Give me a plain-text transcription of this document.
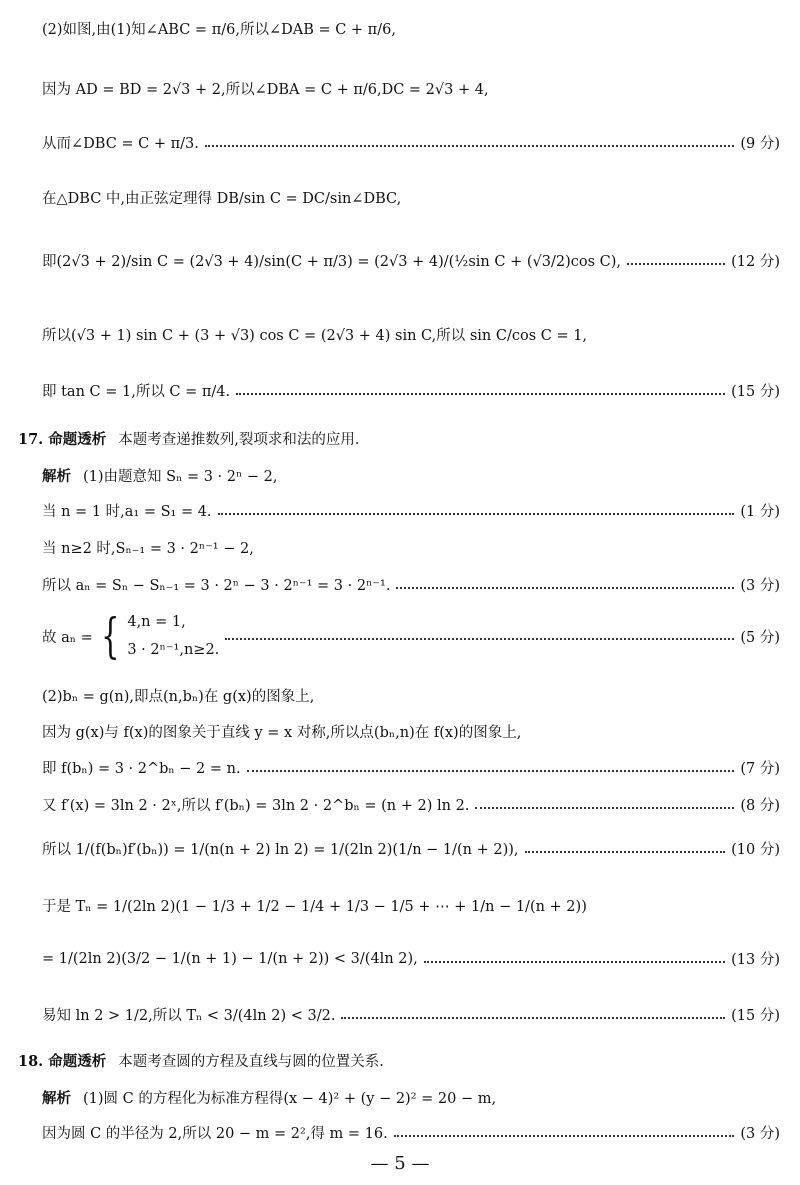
(2)如图,由(1)知∠ABC = π/6,所以∠DAB = C + π/6,
因为 AD = BD = 2√3 + 2,所以∠DBA = C + π/6,DC = 2√3 + 4,
从而∠DBC = C + π/3.	(9 分)
在△DBC 中,由正弦定理得 DB/sin C = DC/sin∠DBC,
即(2√3 + 2)/sin C = (2√3 + 4)/sin(C + π/3) = (2√3 + 4)/(½sin C + (√3/2)cos C),	(12 分)
所以(√3 + 1) sin C + (3 + √3) cos C = (2√3 + 4) sin C,所以 sin C/cos C = 1,
即 tan C = 1,所以 C = π/4.	(15 分)
17. 命题透析 本题考查递推数列,裂项求和法的应用.
解析 (1)由题意知 Sₙ = 3 · 2ⁿ − 2,
当 n = 1 时,a₁ = S₁ = 4.	(1 分)
当 n≥2 时,Sₙ₋₁ = 3 · 2ⁿ⁻¹ − 2,
所以 aₙ = Sₙ − Sₙ₋₁ = 3 · 2ⁿ − 3 · 2ⁿ⁻¹ = 3 · 2ⁿ⁻¹.	(3 分)
故 aₙ = { 4,n = 1,
3 · 2ⁿ⁻¹,n≥2.
(5 分)
(2)bₙ = g(n),即点(n,bₙ)在 g(x)的图象上,
因为 g(x)与 f(x)的图象关于直线 y = x 对称,所以点(bₙ,n)在 f(x)的图象上,
即 f(bₙ) = 3 · 2^bₙ − 2 = n.	(7 分)
又 f′(x) = 3ln 2 · 2ˣ,所以 f′(bₙ) = 3ln 2 · 2^bₙ = (n + 2) ln 2.	(8 分)
所以 1/(f(bₙ)f′(bₙ)) = 1/(n(n + 2) ln 2) = 1/(2ln 2)(1/n − 1/(n + 2)),	(10 分)
于是 Tₙ = 1/(2ln 2)(1 − 1/3 + 1/2 − 1/4 + 1/3 − 1/5 + ⋯ + 1/n − 1/(n + 2))
= 1/(2ln 2)(3/2 − 1/(n + 1) − 1/(n + 2)) < 3/(4ln 2),	(13 分)
易知 ln 2 > 1/2,所以 Tₙ < 3/(4ln 2) < 3/2.	(15 分)
18. 命题透析 本题考查圆的方程及直线与圆的位置关系.
解析 (1)圆 C 的方程化为标准方程得(x − 4)² + (y − 2)² = 20 − m,
因为圆 C 的半径为 2,所以 20 − m = 2²,得 m = 16.	(3 分)
— 5 —
